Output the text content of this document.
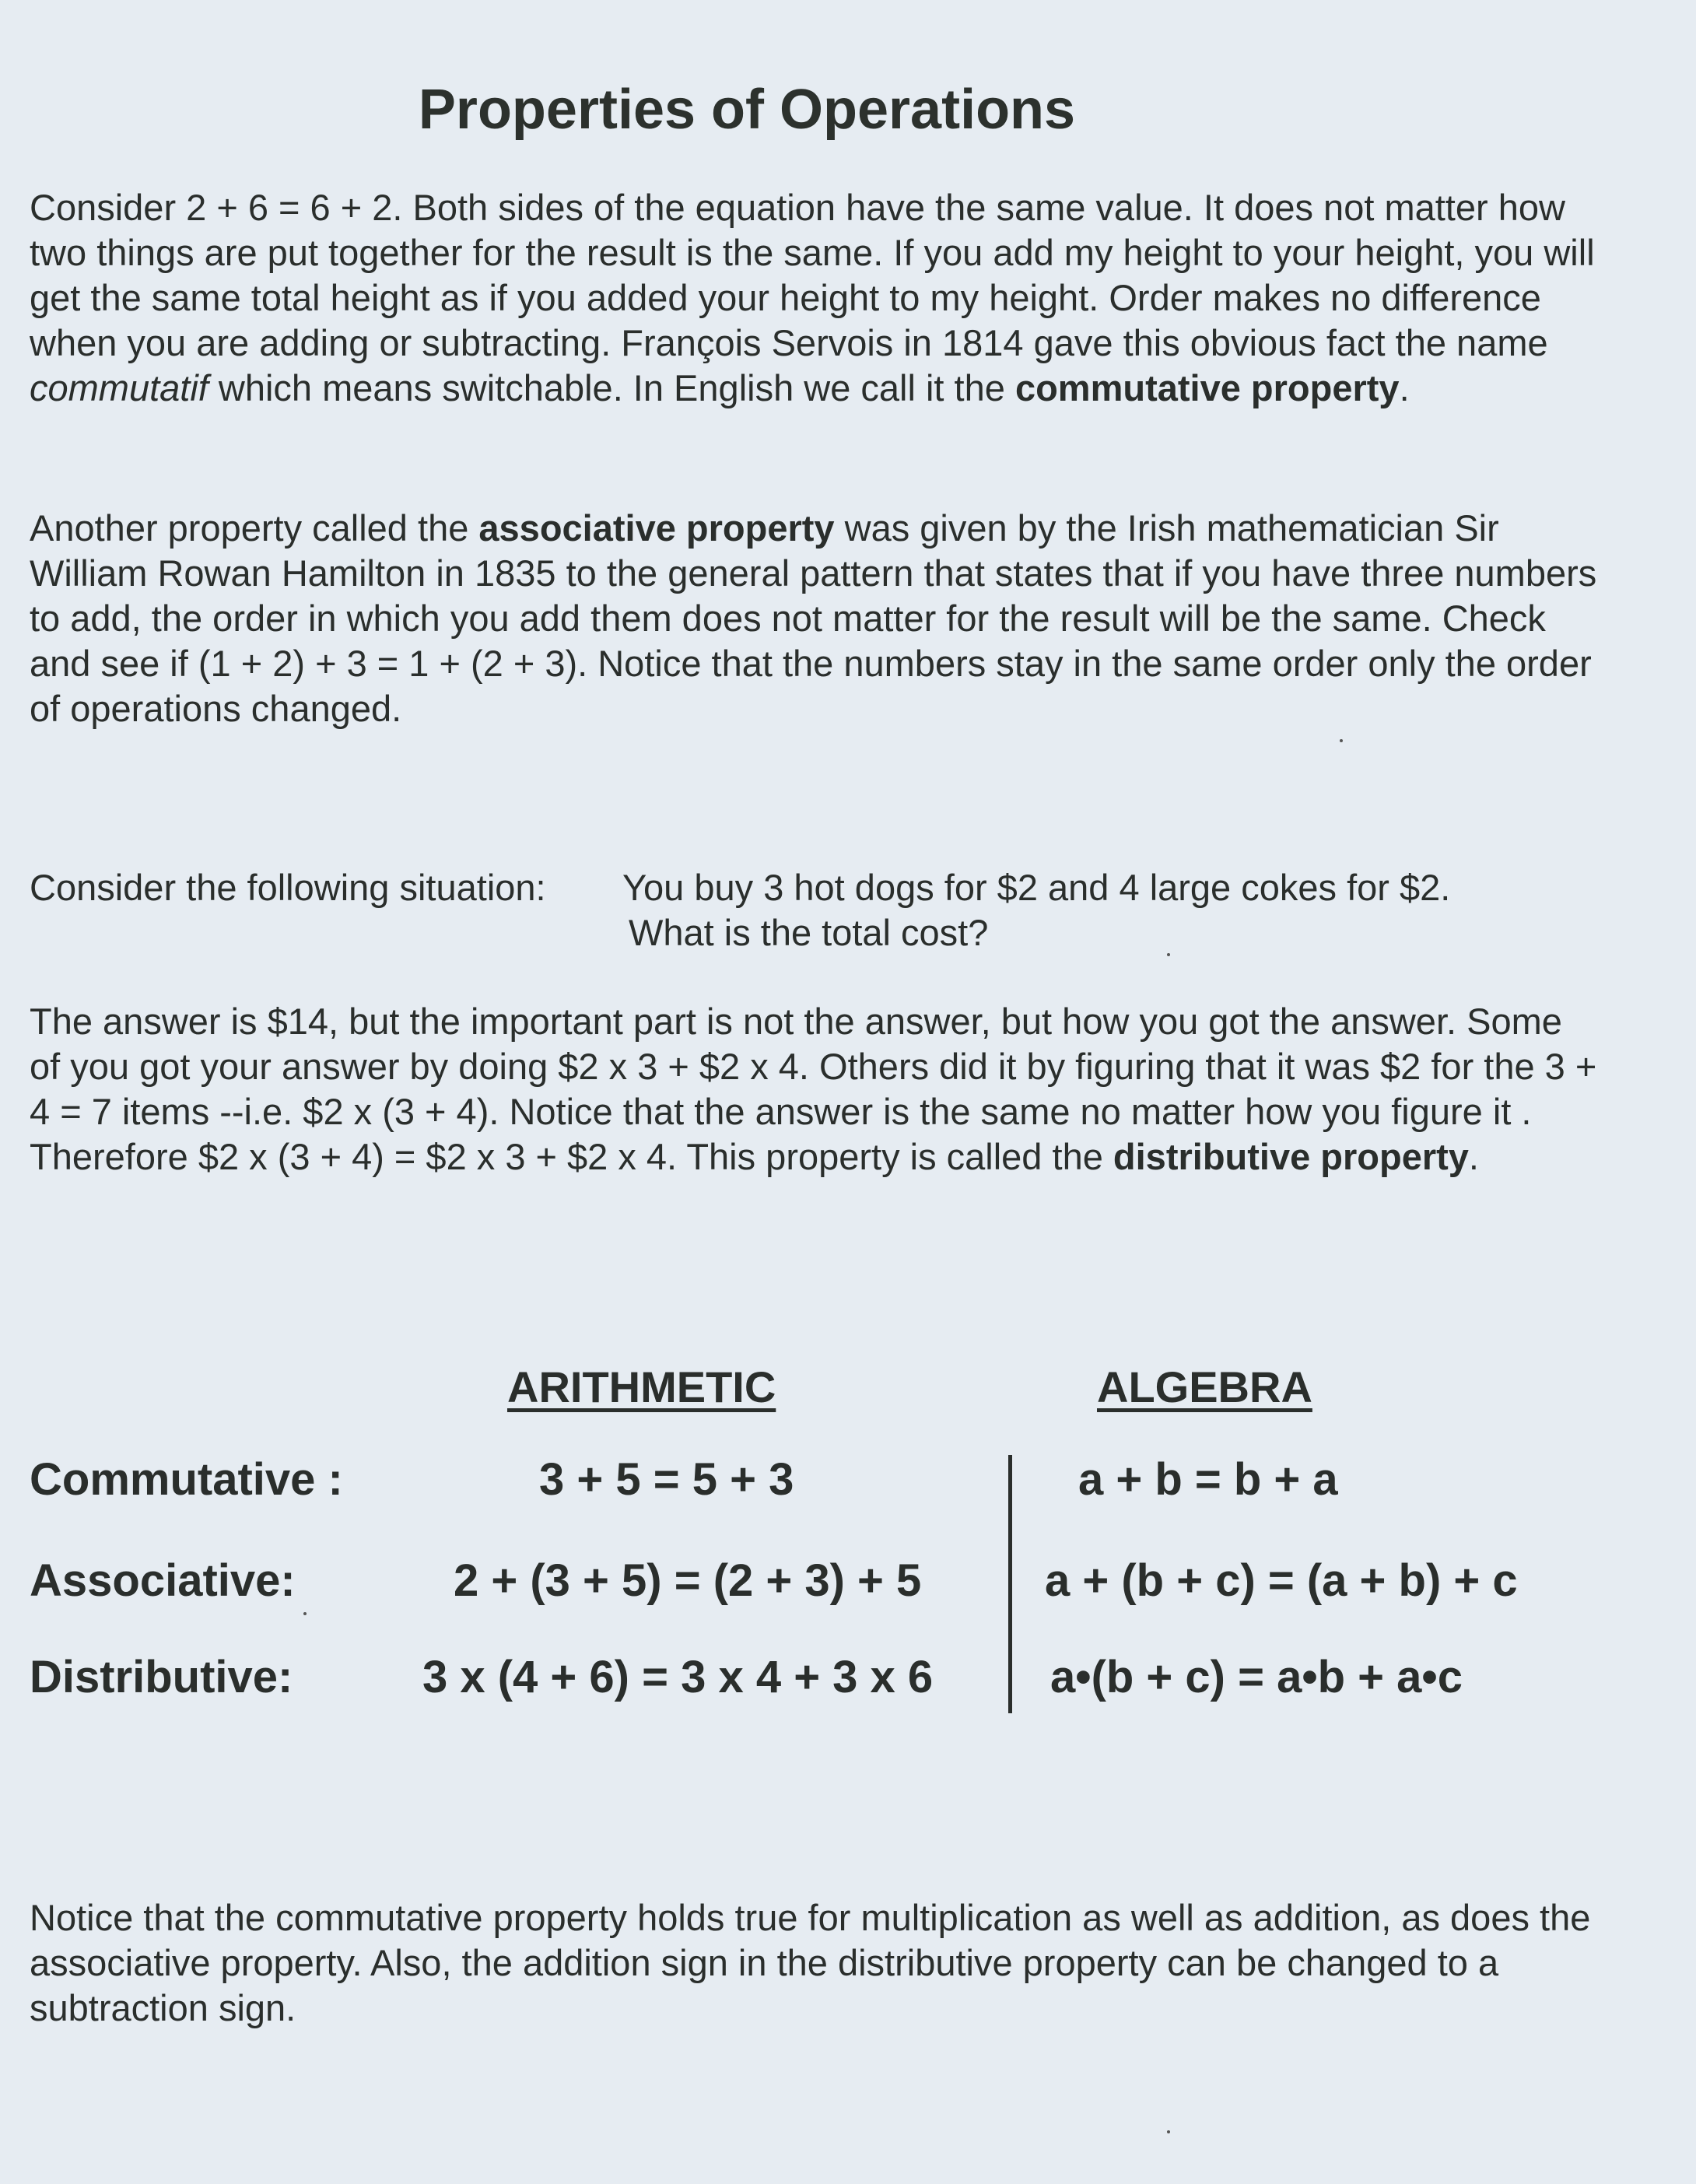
Properties of Operations

Consider 2 + 6 = 6 + 2. Both sides of the equation have the same value. It does not matter how two things are put together for the result is the same. If you add my height to your height, you will get the same total height as if you added your height to my height. Order makes no difference when you are adding or subtracting. François Servois in 1814 gave this obvious fact the name commutatif which means switchable. In English we call it the commutative property.

Another property called the associative property was given by the Irish mathematician Sir William Rowan Hamilton in 1835 to the general pattern that states that if you have three numbers to add, the order in which you add them does not matter for the result will be the same. Check and see if (1 + 2) + 3 = 1 + (2 + 3). Notice that the numbers stay in the same order only the order of operations changed.

Consider the following situation: You buy 3 hot dogs for $2 and 4 large cokes for $2.
What is the total cost?

The answer is $14, but the important part is not the answer, but how you got the answer. Some of you got your answer by doing $2 x 3 + $2 x 4. Others did it by figuring that it was $2 for the 3 + 4 = 7 items --i.e. $2 x (3 + 4). Notice that the answer is the same no matter how you figure it . Therefore $2 x (3 + 4) = $2 x 3 + $2 x 4. This property is called the distributive property.

ARITHMETIC	ALGEBRA
Commutative :	3 + 5 = 5 + 3	a + b = b + a
Associative:	2 + (3 + 5) = (2 + 3) + 5	a + (b + c) = (a + b) + c
Distributive:	3 x (4 + 6) = 3 x 4 + 3 x 6	a•(b + c) = a•b + a•c

Notice that the commutative property holds true for multiplication as well as addition, as does the associative property. Also, the addition sign in the distributive property can be changed to a subtraction sign.
